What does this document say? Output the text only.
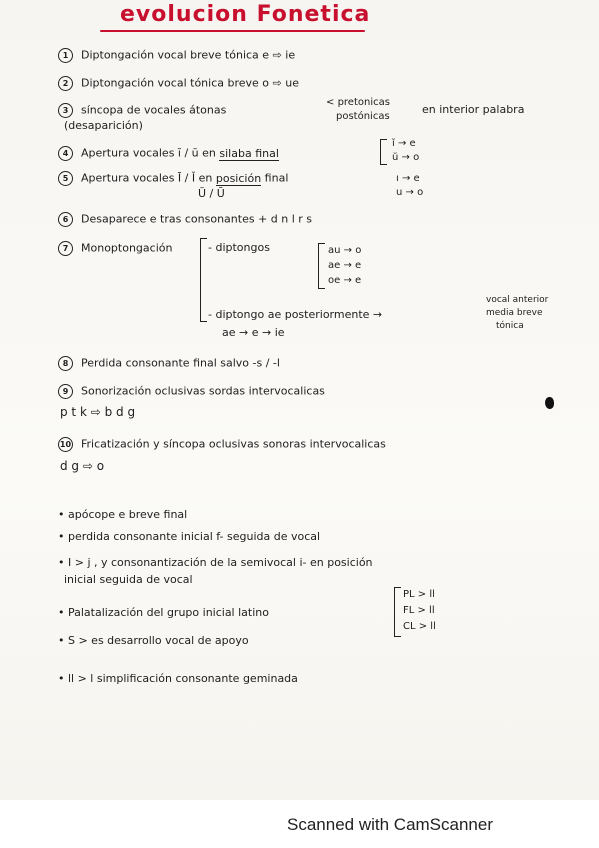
evolucion Fonetica
1 Diptongación vocal breve tónica e ⇨ ie
2 Diptongación vocal tónica breve o ⇨ ue
3 síncopa de vocales átonas
< pretonicas
postónicas
en interior palabra
(desaparición)
4 Apertura vocales ĭ / ŭ en silaba final
ĭ → e
ŭ → o
5 Apertura vocales Ī / Ĭ en posición final
Ŭ / Ū
ı → e
u → o
6 Desaparece e tras consonantes + d n l r s
7 Monoptongación	- diptongos	au → o
ae → e
oe → e
- diptongo ae posteriormente →
ae → e → ie
vocal anterior
media breve
tónica
8 Perdida consonante final salvo -s / -l
9 Sonorización oclusivas sordas intervocalicas
p t k ⇨ b d g
10 Fricatización y síncopa oclusivas sonoras intervocalicas
d g ⇨ o
• apócope e breve final
• perdida consonante inicial f- seguida de vocal
• I > j , y consonantización de la semivocal i- en posición
inicial seguida de vocal
• Palatalización del grupo inicial latino
PL > ll
FL > ll
CL > ll
• S > es desarrollo vocal de apoyo
• ll > l simplificación consonante geminada
Scanned with CamScanner
